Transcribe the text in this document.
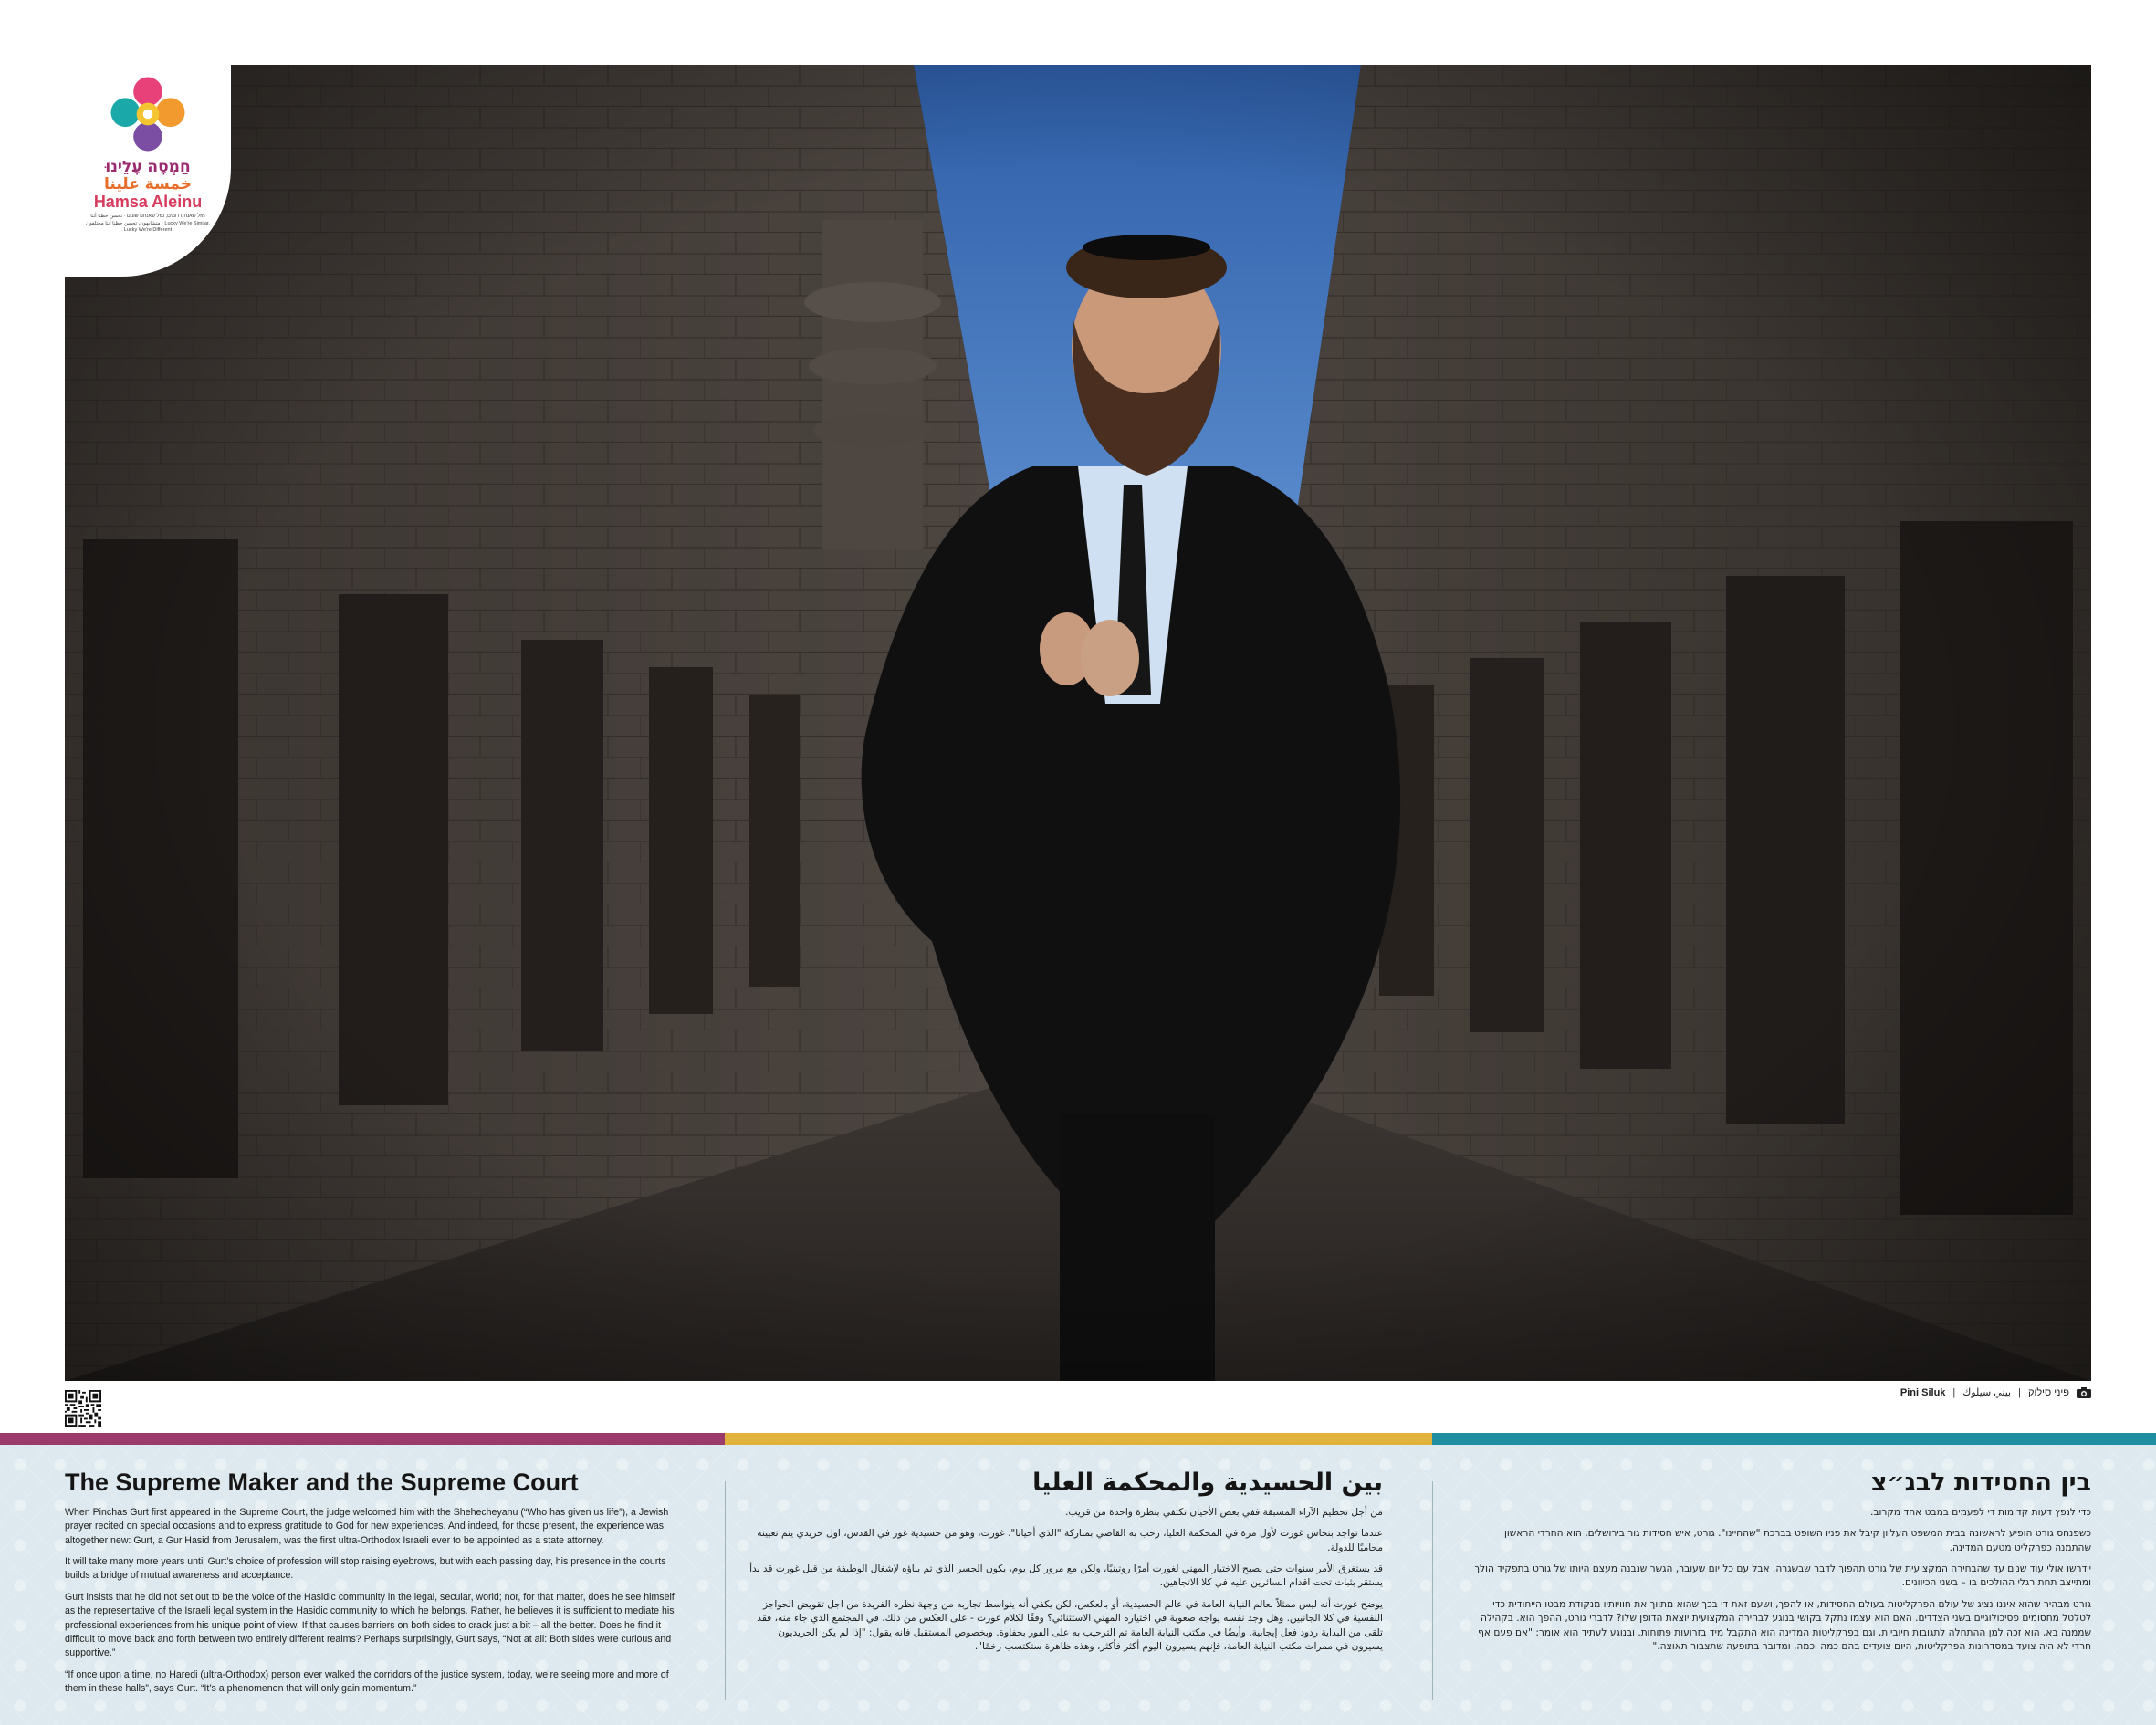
חַמְסָה עָלֵינוּ
خمسة علينا
Hamsa Aleinu
מזל שאנחנו דומים, מזל שאנחנו שונים · نحسن حظنا أننا متشابهون، تحسن حظنا أننا مختلفون · Lucky We're Similar, Lucky We're Different
Pini Siluk | بيني سيلوك | פיני סילוק
The Supreme Maker and the Supreme Court

When Pinchas Gurt first appeared in the Supreme Court, the judge welcomed him with the Shehecheyanu (“Who has given us life”), a Jewish prayer recited on special occasions and to express gratitude to God for new experiences. And indeed, for those present, the experience was altogether new: Gurt, a Gur Hasid from Jerusalem, was the first ultra-Orthodox Israeli ever to be appointed as a state attorney.

It will take many more years until Gurt’s choice of profession will stop raising eyebrows, but with each passing day, his presence in the courts builds a bridge of mutual awareness and acceptance.

Gurt insists that he did not set out to be the voice of the Hasidic community in the legal, secular, world; nor, for that matter, does he see himself as the representative of the Israeli legal system in the Hasidic community to which he belongs. Rather, he believes it is sufficient to mediate his professional experiences from his unique point of view. If that causes barriers on both sides to crack just a bit – all the better. Does he find it difficult to move back and forth between two entirely different realms? Perhaps surprisingly, Gurt says, “Not at all: Both sides were curious and supportive.”

“If once upon a time, no Haredi (ultra-Orthodox) person ever walked the corridors of the justice system, today, we’re seeing more and more of them in these halls”, says Gurt. “It’s a phenomenon that will only gain momentum.”

بين الحسيدية والمحكمة العليا

من أجل تحطيم الآراء المسبقة ففي بعض الأحيان تكتفي بنظرة واحدة من قريب.

عندما تواجد بنحاس غورت لأول مرة في المحكمة العليا، رحب به القاضي بمباركة "الذي أحيانا". غورت، وهو من حسيدية غور في القدس، اول حريدي يتم تعيينه محاميًا للدولة.

قد يستغرق الأمر سنوات حتى يصبح الاختيار المهني لغورت أمرًا روتينيًا، ولكن مع مرور كل يوم، يكون الجسر الذي تم بناؤه لإشغال الوظيفة من قبل غورت قد بدأ يستقر بثبات تحت اقدام السائرين عليه في كلا الاتجاهين.

يوضح غورت أنه ليس ممثلاً لعالم النيابة العامة في عالم الحسيدية، أو بالعكس، لكن يكفي أنه يتواسط تجاربه من وجهة نظره الفريدة من اجل تقويض الحواجز النفسية في كلا الجانبين. وهل وجد نفسه يواجه صعوبة في اختياره المهني الاستثنائي؟ وفقًا لكلام غورت - على العكس من ذلك، في المجتمع الذي جاء منه، فقد تلقى من البداية ردود فعل إيجابية، وأيضًا في مكتب النيابة العامة تم الترحيب به على الفور بحفاوة. وبخصوص المستقبل فانه يقول: "إذا لم يكن الحريديون يسيرون في ممرات مكتب النيابة العامة، فإنهم يسيرون اليوم أكثر فأكثر، وهذه ظاهرة ستكتسب زخمًا".

בין החסידות לבג״צ

כדי לנפץ דעות קדומות די לפעמים במבט אחד מקרוב.

כשפנחס גורט הופיע לראשונה בבית המשפט העליון קיבל את פניו השופט בברכת "שהחיינו". גורט, איש חסידות גור בירושלים, הוא החרדי הראשון שהתמנה כפרקליט מטעם המדינה.

יידרשו אולי עוד שנים עד שהבחירה המקצועית של גורט תהפוך לדבר שבשגרה. אבל עם כל יום שעובר, הגשר שנבנה מעצם היותו של גורט בתפקיד הולך ומתייצב תחת רגלי ההולכים בו – בשני הכיוונים.

גורט מבהיר שהוא איננו נציג של עולם הפרקליטות בעולם החסידות, או להפך, ושעם זאת די בכך שהוא מתווך את חוויותיו מנקודת מבטו הייחודית כדי לטלטל מחסומים פסיכולוגיים בשני הצדדים. האם הוא עצמו נתקל בקושי בנוגע לבחירה המקצועית יוצאת הדופן שלו? לדברי גורט, ההפך הוא. בקהילה שממנה בא, הוא זכה למן ההתחלה לתגובות חיוביות, וגם בפרקליטות המדינה הוא התקבל מיד בזרועות פתוחות. ובנוגע לעתיד הוא אומר: "אם פעם אף חרדי לא היה צועד במסדרונות הפרקליטות, היום צועדים בהם כמה וכמה, ומדובר בתופעה שתצבור תאוצה."
